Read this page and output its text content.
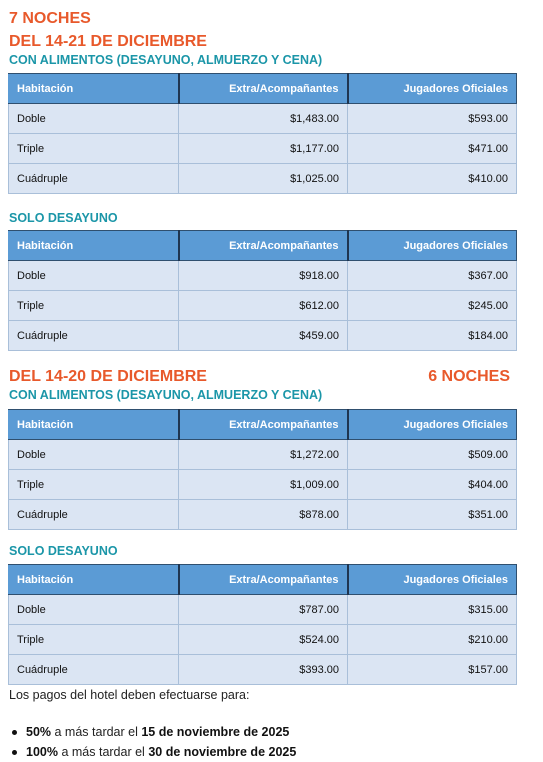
7 NOCHES

DEL 14-21 DE DICIEMBRE

CON ALIMENTOS (DESAYUNO, ALMUERZO Y CENA)

Habitación	Extra/Acompañantes	Jugadores Oficiales
Doble	$1,483.00	$593.00
Triple	$1,177.00	$471.00
Cuádruple	$1,025.00	$410.00

SOLO DESAYUNO

Habitación	Extra/Acompañantes	Jugadores Oficiales
Doble	$918.00	$367.00
Triple	$612.00	$245.00
Cuádruple	$459.00	$184.00

DEL 14-20 DE DICIEMBRE	6 NOCHES

CON ALIMENTOS (DESAYUNO, ALMUERZO Y CENA)

Habitación	Extra/Acompañantes	Jugadores Oficiales
Doble	$1,272.00	$509.00
Triple	$1,009.00	$404.00
Cuádruple	$878.00	$351.00

SOLO DESAYUNO

Habitación	Extra/Acompañantes	Jugadores Oficiales
Doble	$787.00	$315.00
Triple	$524.00	$210.00
Cuádruple	$393.00	$157.00

Los pagos del hotel deben efectuarse para:

50% a más tardar el 15 de noviembre de 2025
100% a más tardar el 30 de noviembre de 2025
